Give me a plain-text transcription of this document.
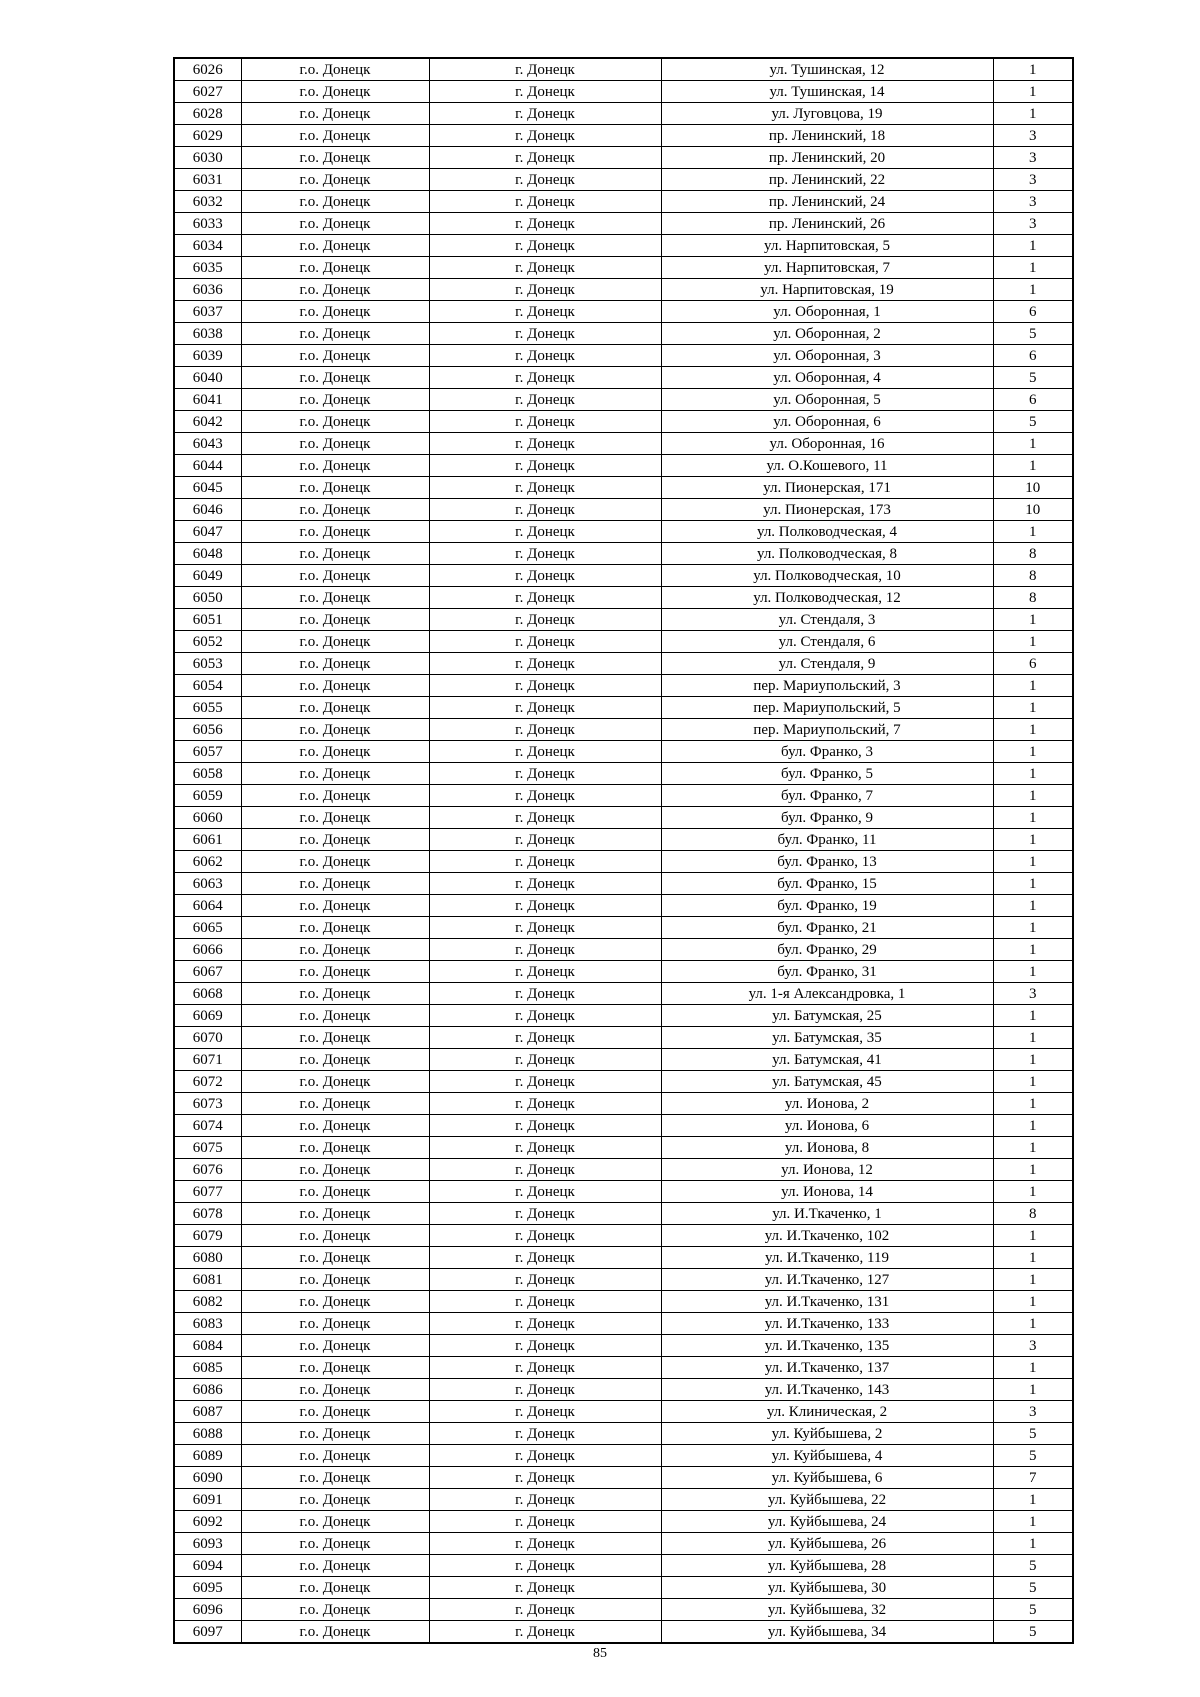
6026	г.о. Донецк	г. Донецк	ул. Тушинская, 12	1
6027	г.о. Донецк	г. Донецк	ул. Тушинская, 14	1
6028	г.о. Донецк	г. Донецк	ул. Луговцова, 19	1
6029	г.о. Донецк	г. Донецк	пр. Ленинский, 18	3
6030	г.о. Донецк	г. Донецк	пр. Ленинский, 20	3
6031	г.о. Донецк	г. Донецк	пр. Ленинский, 22	3
6032	г.о. Донецк	г. Донецк	пр. Ленинский, 24	3
6033	г.о. Донецк	г. Донецк	пр. Ленинский, 26	3
6034	г.о. Донецк	г. Донецк	ул. Нарпитовская, 5	1
6035	г.о. Донецк	г. Донецк	ул. Нарпитовская, 7	1
6036	г.о. Донецк	г. Донецк	ул. Нарпитовская, 19	1
6037	г.о. Донецк	г. Донецк	ул. Оборонная, 1	6
6038	г.о. Донецк	г. Донецк	ул. Оборонная, 2	5
6039	г.о. Донецк	г. Донецк	ул. Оборонная, 3	6
6040	г.о. Донецк	г. Донецк	ул. Оборонная, 4	5
6041	г.о. Донецк	г. Донецк	ул. Оборонная, 5	6
6042	г.о. Донецк	г. Донецк	ул. Оборонная, 6	5
6043	г.о. Донецк	г. Донецк	ул. Оборонная, 16	1
6044	г.о. Донецк	г. Донецк	ул. О.Кошевого, 11	1
6045	г.о. Донецк	г. Донецк	ул. Пионерская, 171	10
6046	г.о. Донецк	г. Донецк	ул. Пионерская, 173	10
6047	г.о. Донецк	г. Донецк	ул. Полководческая, 4	1
6048	г.о. Донецк	г. Донецк	ул. Полководческая, 8	8
6049	г.о. Донецк	г. Донецк	ул. Полководческая, 10	8
6050	г.о. Донецк	г. Донецк	ул. Полководческая, 12	8
6051	г.о. Донецк	г. Донецк	ул. Стендаля, 3	1
6052	г.о. Донецк	г. Донецк	ул. Стендаля, 6	1
6053	г.о. Донецк	г. Донецк	ул. Стендаля, 9	6
6054	г.о. Донецк	г. Донецк	пер. Мариупольский, 3	1
6055	г.о. Донецк	г. Донецк	пер. Мариупольский, 5	1
6056	г.о. Донецк	г. Донецк	пер. Мариупольский, 7	1
6057	г.о. Донецк	г. Донецк	бул. Франко, 3	1
6058	г.о. Донецк	г. Донецк	бул. Франко, 5	1
6059	г.о. Донецк	г. Донецк	бул. Франко, 7	1
6060	г.о. Донецк	г. Донецк	бул. Франко, 9	1
6061	г.о. Донецк	г. Донецк	бул. Франко, 11	1
6062	г.о. Донецк	г. Донецк	бул. Франко, 13	1
6063	г.о. Донецк	г. Донецк	бул. Франко, 15	1
6064	г.о. Донецк	г. Донецк	бул. Франко, 19	1
6065	г.о. Донецк	г. Донецк	бул. Франко, 21	1
6066	г.о. Донецк	г. Донецк	бул. Франко, 29	1
6067	г.о. Донецк	г. Донецк	бул. Франко, 31	1
6068	г.о. Донецк	г. Донецк	ул. 1-я Александровка, 1	3
6069	г.о. Донецк	г. Донецк	ул. Батумская, 25	1
6070	г.о. Донецк	г. Донецк	ул. Батумская, 35	1
6071	г.о. Донецк	г. Донецк	ул. Батумская, 41	1
6072	г.о. Донецк	г. Донецк	ул. Батумская, 45	1
6073	г.о. Донецк	г. Донецк	ул. Ионова, 2	1
6074	г.о. Донецк	г. Донецк	ул. Ионова, 6	1
6075	г.о. Донецк	г. Донецк	ул. Ионова, 8	1
6076	г.о. Донецк	г. Донецк	ул. Ионова, 12	1
6077	г.о. Донецк	г. Донецк	ул. Ионова, 14	1
6078	г.о. Донецк	г. Донецк	ул. И.Ткаченко, 1	8
6079	г.о. Донецк	г. Донецк	ул. И.Ткаченко, 102	1
6080	г.о. Донецк	г. Донецк	ул. И.Ткаченко, 119	1
6081	г.о. Донецк	г. Донецк	ул. И.Ткаченко, 127	1
6082	г.о. Донецк	г. Донецк	ул. И.Ткаченко, 131	1
6083	г.о. Донецк	г. Донецк	ул. И.Ткаченко, 133	1
6084	г.о. Донецк	г. Донецк	ул. И.Ткаченко, 135	3
6085	г.о. Донецк	г. Донецк	ул. И.Ткаченко, 137	1
6086	г.о. Донецк	г. Донецк	ул. И.Ткаченко, 143	1
6087	г.о. Донецк	г. Донецк	ул. Клиническая, 2	3
6088	г.о. Донецк	г. Донецк	ул. Куйбышева, 2	5
6089	г.о. Донецк	г. Донецк	ул. Куйбышева, 4	5
6090	г.о. Донецк	г. Донецк	ул. Куйбышева, 6	7
6091	г.о. Донецк	г. Донецк	ул. Куйбышева, 22	1
6092	г.о. Донецк	г. Донецк	ул. Куйбышева, 24	1
6093	г.о. Донецк	г. Донецк	ул. Куйбышева, 26	1
6094	г.о. Донецк	г. Донецк	ул. Куйбышева, 28	5
6095	г.о. Донецк	г. Донецк	ул. Куйбышева, 30	5
6096	г.о. Донецк	г. Донецк	ул. Куйбышева, 32	5
6097	г.о. Донецк	г. Донецк	ул. Куйбышева, 34	5
85
